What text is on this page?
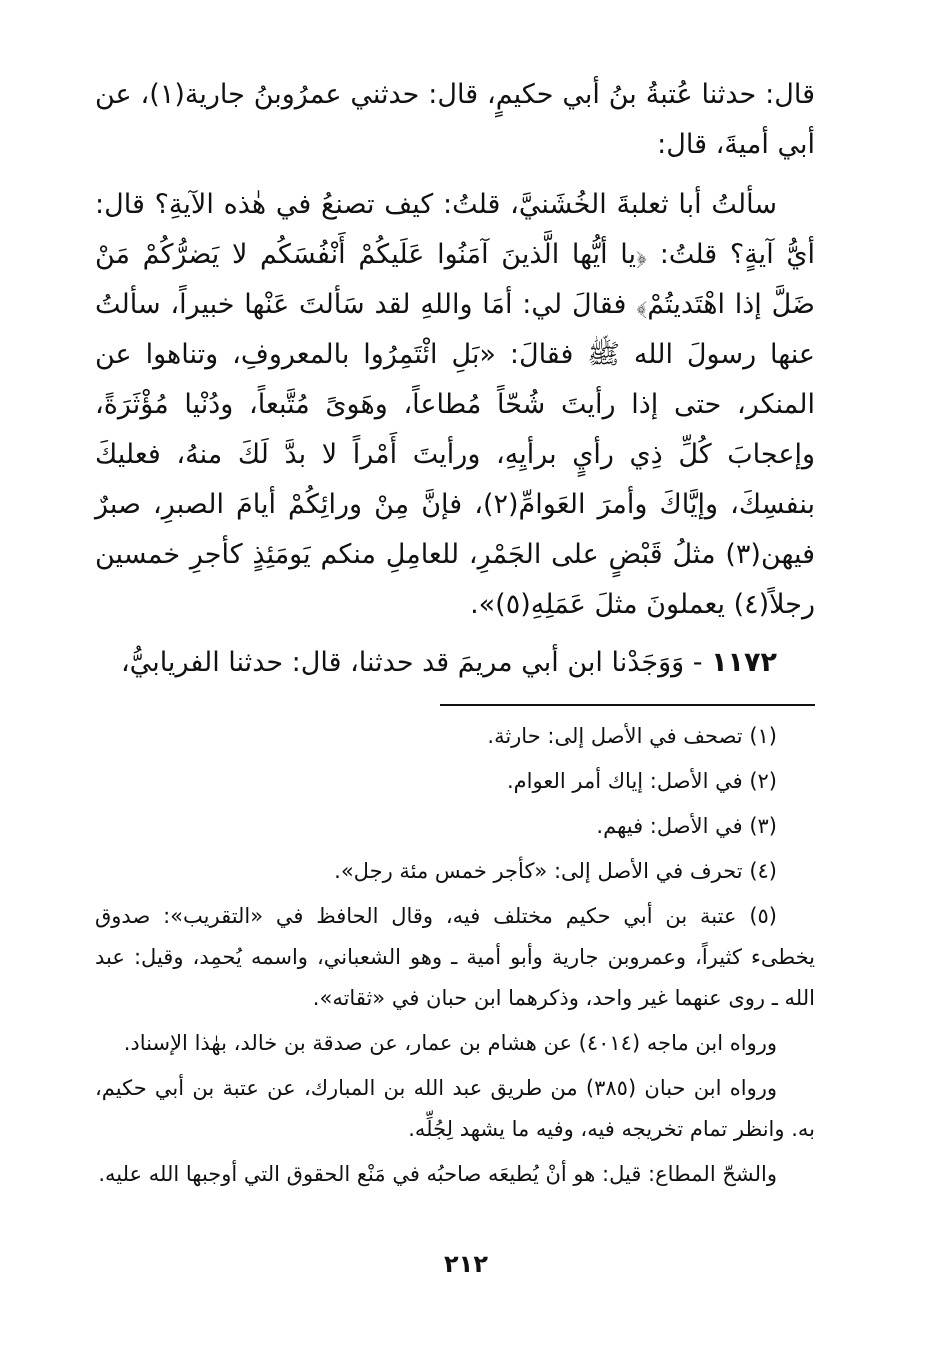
قال: حدثنا عُتبةُ بنُ أبي حكيمٍ، قال: حدثني عمرُوبنُ جارية(١)، عن أبي أميةَ، قال:

سألتُ أبا ثعلبةَ الخُشَنيَّ، قلتُ: كيف تصنعُ في هٰذه الآيةِ؟ قال: أيُّ آيةٍ؟ قلتُ: ﴿يا أيُّها الَّذينَ آمَنُوا عَلَيكُمْ أَنْفُسَكُم لا يَضرُّكُمْ مَنْ ضَلَّ إذا اهْتَديتُمْ﴾ فقالَ لي: أمَا واللهِ لقد سَألتَ عَنْها خبيراً، سألتُ عنها رسولَ الله ﷺ فقالَ: «بَلِ ائْتَمِرُوا بالمعروفِ، وتناهوا عن المنكر، حتى إذا رأيتَ شُحّاً مُطاعاً، وهَوىً مُتَّبعاً، ودُنْيا مُؤْثَرَةً، وإعجابَ كُلِّ ذِي رأيٍ برأيِهِ، ورأيتَ أَمْراً لا بدَّ لَكَ منهُ، فعليكَ بنفسِكَ، وإيَّاكَ وأمرَ العَوامِّ(٢)، فإنَّ مِنْ ورائِكُمْ أيامَ الصبرِ، صبرٌ فيهن(٣) مثلُ قَبْضٍ على الجَمْرِ، للعامِلِ منكم يَومَئِذٍ كأجرِ خمسين رجلاً(٤) يعملونَ مثلَ عَمَلِهِ(٥)».

١١٧٢ - وَوَجَدْنا ابن أبي مريمَ قد حدثنا، قال: حدثنا الفريابيُّ،

(١) تصحف في الأصل إلى: حارثة.

(٢) في الأصل: إياك أمر العوام.

(٣) في الأصل: فيهم.

(٤) تحرف في الأصل إلى: «كأجر خمس مئة رجل».

(٥) عتبة بن أبي حكيم مختلف فيه، وقال الحافظ في «التقريب»: صدوق يخطىء كثيراً، وعمروبن جارية وأبو أمية ـ وهو الشعباني، واسمه يُحمِد، وقيل: عبد الله ـ روى عنهما غير واحد، وذكرهما ابن حبان في «ثقاته».

ورواه ابن ماجه (٤٠١٤) عن هشام بن عمار، عن صدقة بن خالد، بهٰذا الإسناد.

ورواه ابن حبان (٣٨٥) من طريق عبد الله بن المبارك، عن عتبة بن أبي حكيم، به. وانظر تمام تخريجه فيه، وفيه ما يشهد لِجُلِّه.

والشحّ المطاع: قيل: هو أنْ يُطيعَه صاحبُه في مَنْع الحقوق التي أوجبها الله عليه.

٢١٢
